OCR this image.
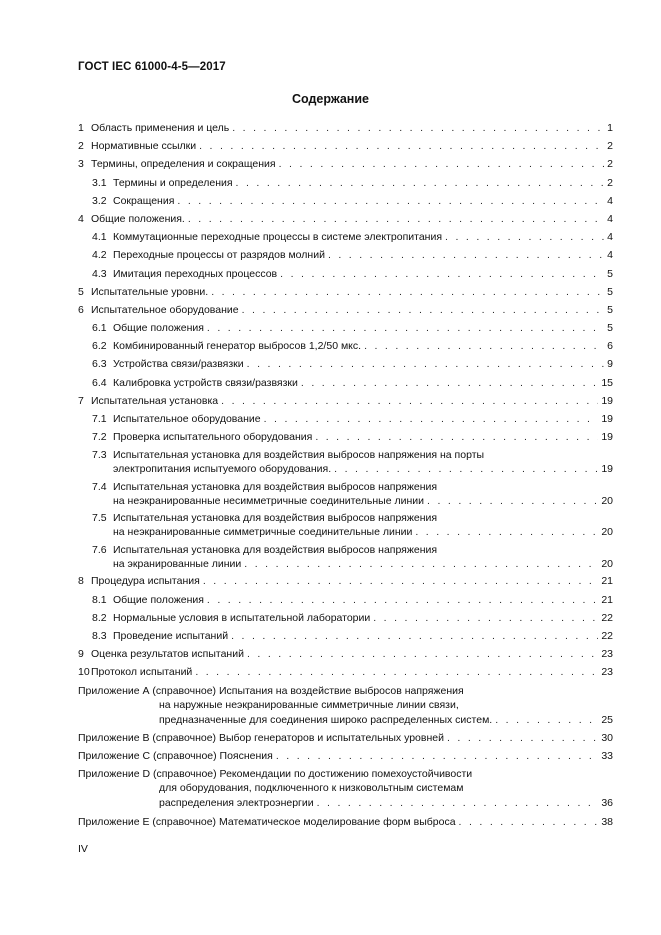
ГОСТ IEC 61000-4-5—2017
Содержание
1 Область применения и цель . . .	1
2 Нормативные ссылки . . .	2
3 Термины, определения и сокращения . . .	2
3.1 Термины и определения . . .	2
3.2 Сокращения . . .	4
4 Общие положения. . . .	4
4.1 Коммутационные переходные процессы в системе электропитания . . .	4
4.2 Переходные процессы от разрядов молний . . .	4
4.3 Имитация переходных процессов . . .	5
5 Испытательные уровни. . . .	5
6 Испытательное оборудование . . .	5
6.1 Общие положения . . .	5
6.2 Комбинированный генератор выбросов 1,2/50 мкс. . . .	6
6.3 Устройства связи/развязки . . .	9
6.4 Калибровка устройств связи/развязки . . .	15
7 Испытательная установка . . .	19
7.1 Испытательное оборудование . . .	19
7.2 Проверка испытательного оборудования . . .	19
7.3 Испытательная установка для воздействия выбросов напряжения на порты
электропитания испытуемого оборудования. . . .	19
7.4 Испытательная установка для воздействия выбросов напряжения
на неэкранированные несимметричные соединительные линии . . .	20
7.5 Испытательная установка для воздействия выбросов напряжения
на неэкранированные симметричные соединительные линии . . .	20
7.6 Испытательная установка для воздействия выбросов напряжения
на экранированные линии . . .	20
8 Процедура испытания . . .	21
8.1 Общие положения . . .	21
8.2 Нормальные условия в испытательной лаборатории . . .	22
8.3 Проведение испытаний . . .	22
9 Оценка результатов испытаний . . .	23
10Протокол испытаний . . .	23
Приложение А (справочное) Испытания на воздействие выбросов напряжения
на наружные неэкранированные симметричные линии связи,
предназначенные для соединения широко распределенных систем. . . .	25
Приложение В (справочное) Выбор генераторов и испытательных уровней . . .	30
Приложение С (справочное) Пояснения . . .	33
Приложение D (справочное) Рекомендации по достижению помехоустойчивости
для оборудования, подключенного к низковольтным системам
распределения электроэнергии . . .	36
Приложение Е (справочное) Математическое моделирование форм выброса . . .	38
IV
